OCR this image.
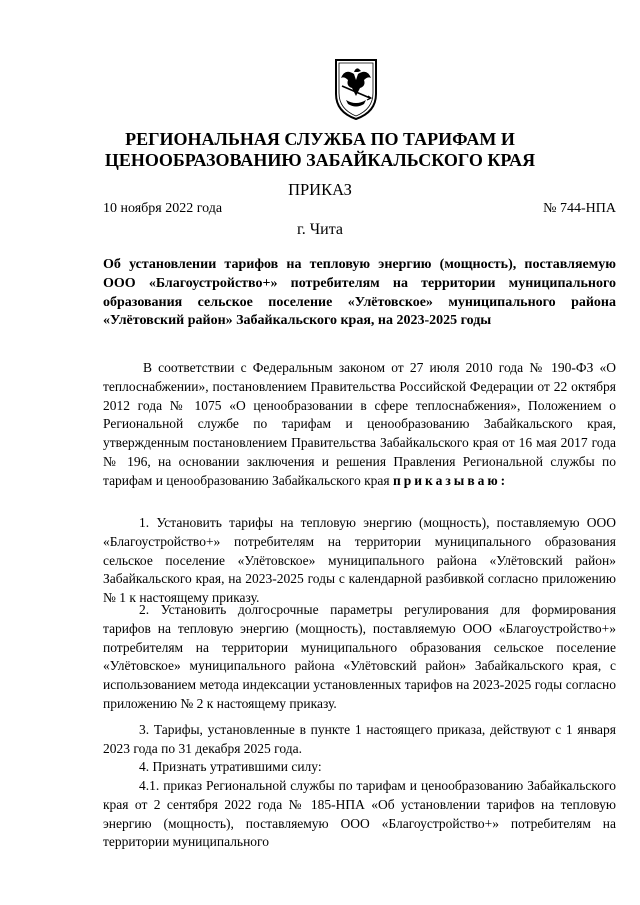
РЕГИОНАЛЬНАЯ СЛУЖБА ПО ТАРИФАМ И
ЦЕНООБРАЗОВАНИЮ ЗАБАЙКАЛЬСКОГО КРАЯ
ПРИКАЗ
10 ноября 2022 года	№ 744-НПА
г. Чита
Об установлении тарифов на тепловую энергию (мощность), поставляемую ООО «Благоустройство+» потребителям на территории муниципального образования сельское поселение «Улётовское» муниципального района «Улётовский район» Забайкальского края, на 2023-2025 годы

В соответствии с Федеральным законом от 27 июля 2010 года № 190-ФЗ «О теплоснабжении», постановлением Правительства Российской Федерации от 22 октября 2012 года № 1075 «О ценообразовании в сфере теплоснабжения», Положением о Региональной службе по тарифам и ценообразованию Забайкальского края, утвержденным постановлением Правительства Забайкальского края от 16 мая 2017 года № 196, на основании заключения и решения Правления Региональной службы по тарифам и ценообразованию Забайкальского края приказываю:

1. Установить тарифы на тепловую энергию (мощность), поставляемую ООО «Благоустройство+» потребителям на территории муниципального образования сельское поселение «Улётовское» муниципального района «Улётовский район» Забайкальского края, на 2023-2025 годы с календарной разбивкой согласно приложению № 1 к настоящему приказу.

2. Установить долгосрочные параметры регулирования для формирования тарифов на тепловую энергию (мощность), поставляемую ООО «Благоустройство+» потребителям на территории муниципального образования сельское поселение «Улётовское» муниципального района «Улётовский район» Забайкальского края, с использованием метода индексации установленных тарифов на 2023-2025 годы согласно приложению № 2 к настоящему приказу.

3. Тарифы, установленные в пункте 1 настоящего приказа, действуют с 1 января 2023 года по 31 декабря 2025 года.

4. Признать утратившими силу:

4.1. приказ Региональной службы по тарифам и ценообразованию Забайкальского края от 2 сентября 2022 года № 185-НПА «Об установлении тарифов на тепловую энергию (мощность), поставляемую ООО «Благоустройство+» потребителям на территории муниципального
